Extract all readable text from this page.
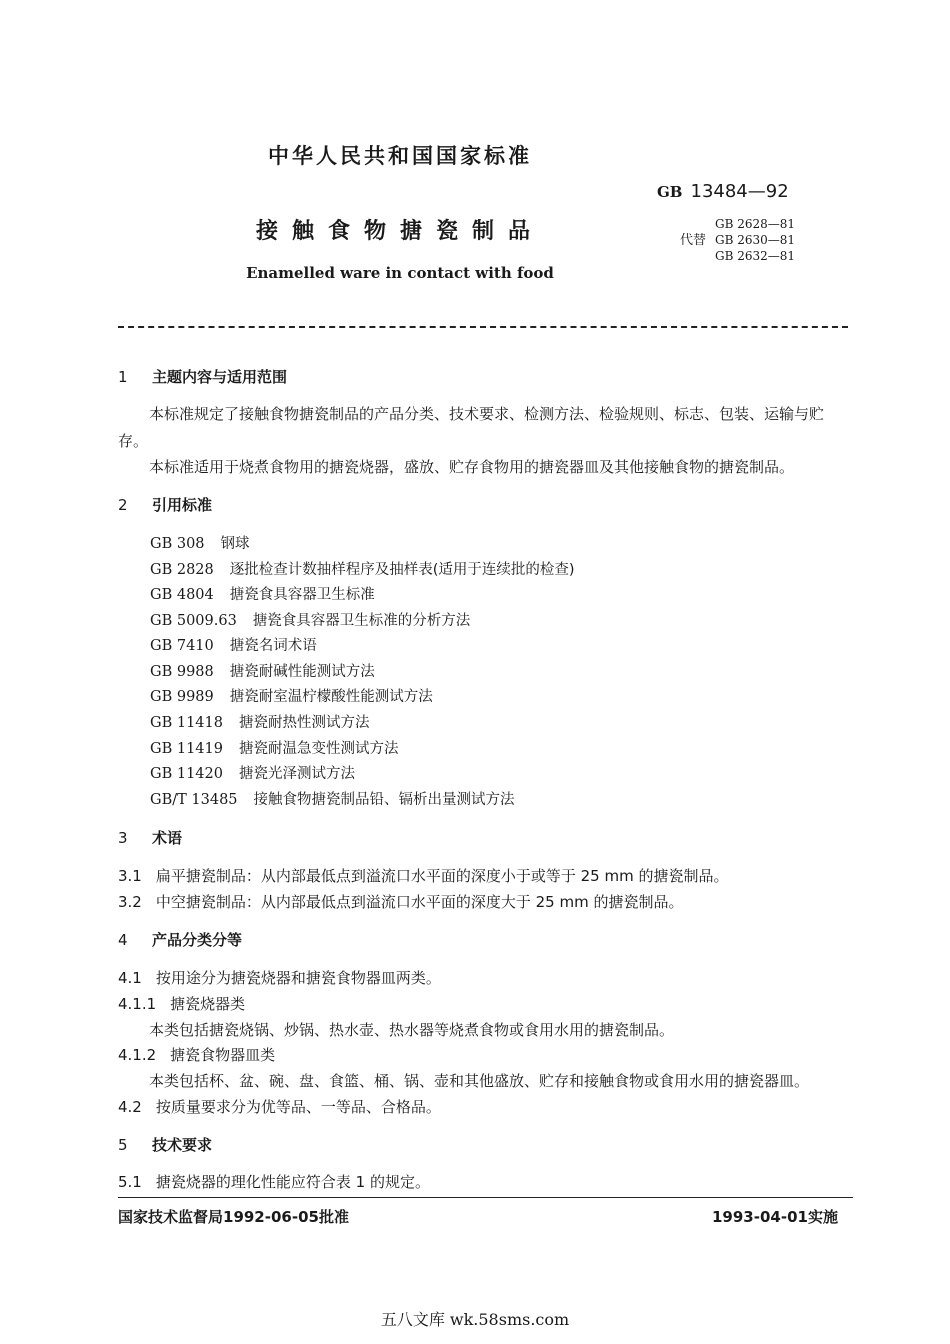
中华人民共和国国家标准
GB 13484—92
接触食物搪瓷制品	代替
GB 2628—81
GB 2630—81
GB 2632—81
Enamelled ware in contact with food
1 主题内容与适用范围
本标准规定了接触食物搪瓷制品的产品分类、技术要求、检测方法、检验规则、标志、包装、运输与贮
存。
本标准适用于烧煮食物用的搪瓷烧器，盛放、贮存食物用的搪瓷器皿及其他接触食物的搪瓷制品。
2 引用标准
GB 308 钢球
GB 2828 逐批检查计数抽样程序及抽样表(适用于连续批的检查)
GB 4804 搪瓷食具容器卫生标准
GB 5009.63 搪瓷食具容器卫生标准的分析方法
GB 7410 搪瓷名词术语
GB 9988 搪瓷耐碱性能测试方法
GB 9989 搪瓷耐室温柠檬酸性能测试方法
GB 11418 搪瓷耐热性测试方法
GB 11419 搪瓷耐温急变性测试方法
GB 11420 搪瓷光泽测试方法
GB/T 13485 接触食物搪瓷制品铅、镉析出量测试方法
3 术语
3.1 扁平搪瓷制品：从内部最低点到溢流口水平面的深度小于或等于 25 mm 的搪瓷制品。
3.2 中空搪瓷制品：从内部最低点到溢流口水平面的深度大于 25 mm 的搪瓷制品。
4 产品分类分等
4.1 按用途分为搪瓷烧器和搪瓷食物器皿两类。
4.1.1 搪瓷烧器类
本类包括搪瓷烧锅、炒锅、热水壶、热水器等烧煮食物或食用水用的搪瓷制品。
4.1.2 搪瓷食物器皿类
本类包括杯、盆、碗、盘、食篮、桶、锅、壶和其他盛放、贮存和接触食物或食用水用的搪瓷器皿。
4.2 按质量要求分为优等品、一等品、合格品。
5 技术要求
5.1 搪瓷烧器的理化性能应符合表 1 的规定。
国家技术监督局1992-06-05批准	1993-04-01实施
五八文库 wk.58sms.com
